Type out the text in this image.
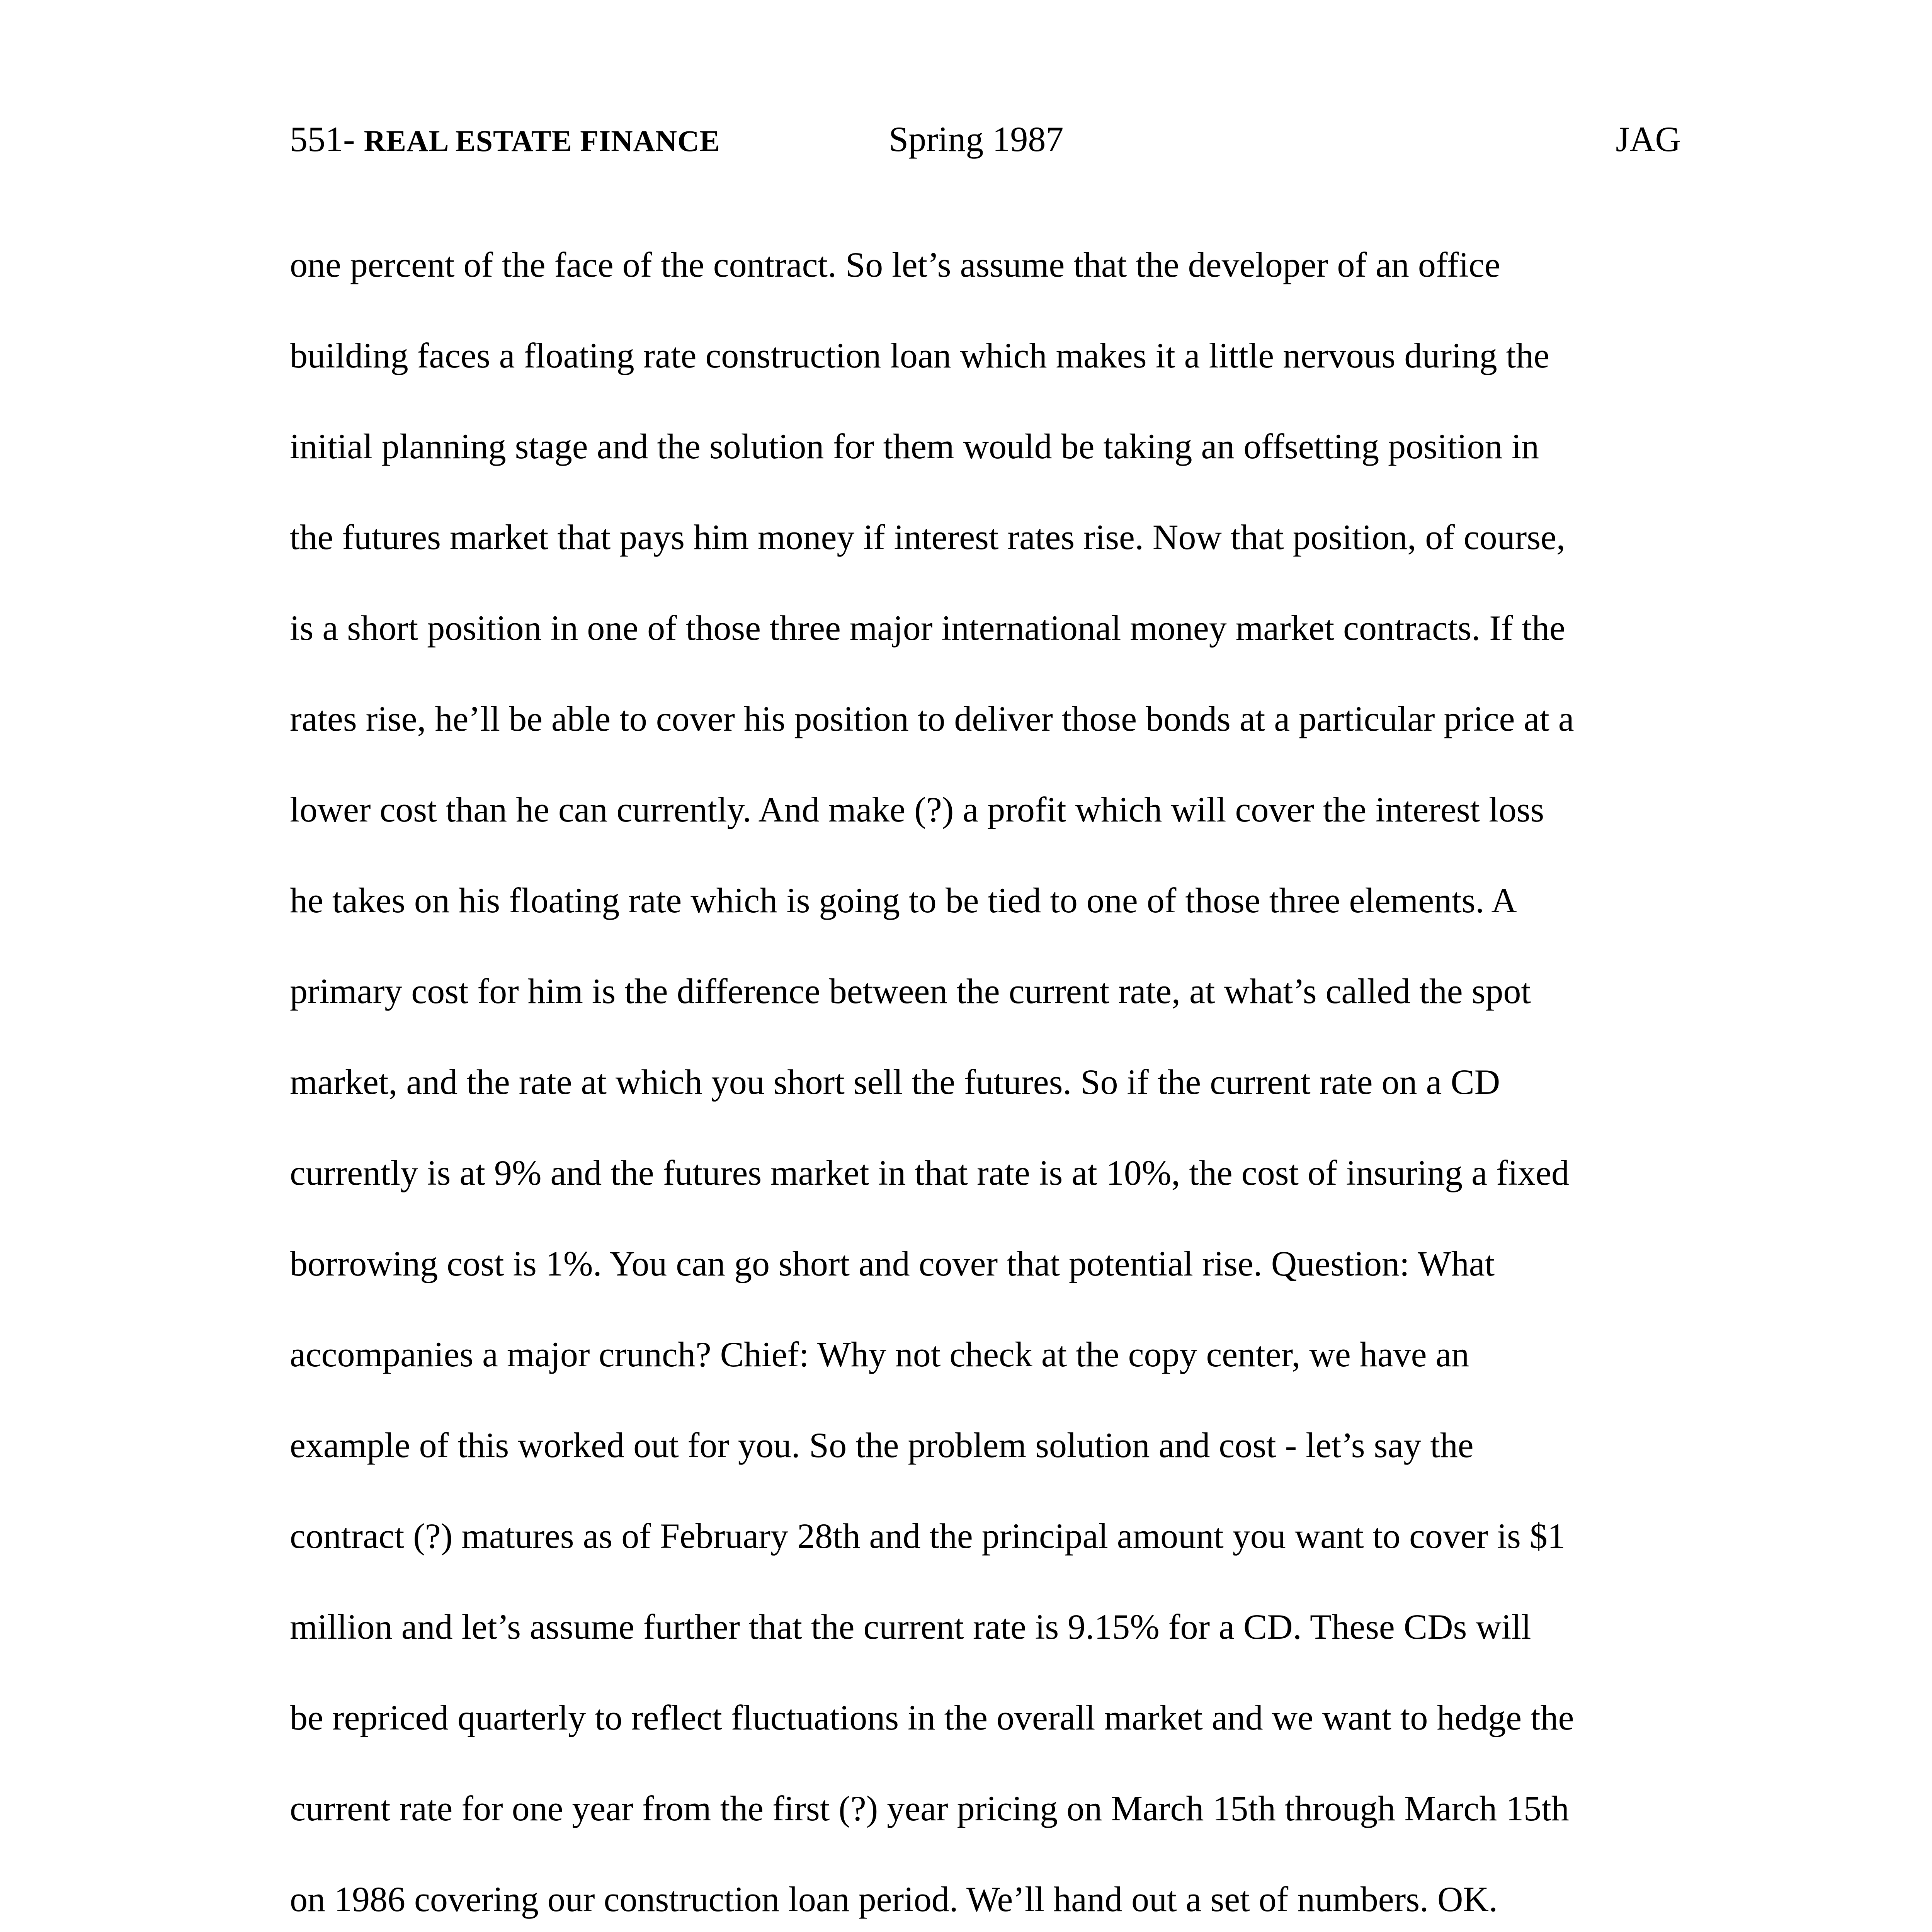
551- REAL ESTATE FINANCE	Spring 1987	JAG
one percent of the face of the contract. So let’s assume that the developer of an office
building faces a floating rate construction loan which makes it a little nervous during the
initial planning stage and the solution for them would be taking an offsetting position in
the futures market that pays him money if interest rates rise. Now that position, of course,
is a short position in one of those three major international money market contracts. If the
rates rise, he’ll be able to cover his position to deliver those bonds at a particular price at a
lower cost than he can currently. And make (?) a profit which will cover the interest loss
he takes on his floating rate which is going to be tied to one of those three elements. A
primary cost for him is the difference between the current rate, at what’s called the spot
market, and the rate at which you short sell the futures. So if the current rate on a CD
currently is at 9% and the futures market in that rate is at 10%, the cost of insuring a fixed
borrowing cost is 1%. You can go short and cover that potential rise. Question: What
accompanies a major crunch? Chief: Why not check at the copy center, we have an
example of this worked out for you. So the problem solution and cost - let’s say the
contract (?) matures as of February 28th and the principal amount you want to cover is $1
million and let’s assume further that the current rate is 9.15% for a CD. These CDs will
be repriced quarterly to reflect fluctuations in the overall market and we want to hedge the
current rate for one year from the first (?) year pricing on March 15th through March 15th
on 1986 covering our construction loan period. We’ll hand out a set of numbers. OK.
